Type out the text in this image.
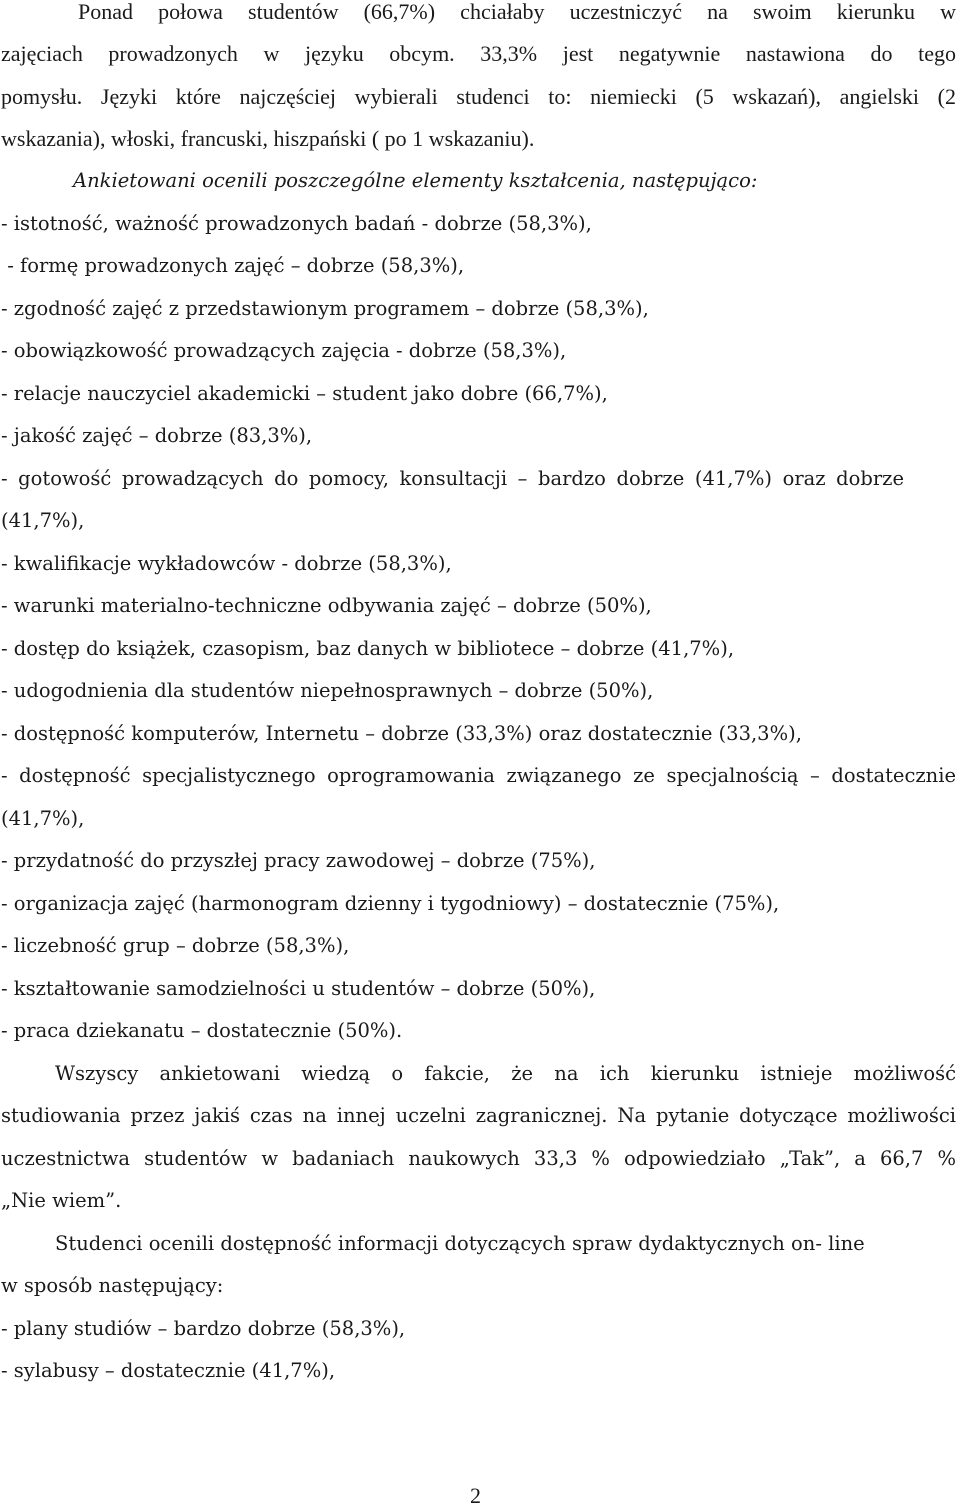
Ponad połowa studentów (66,7%) chciałaby uczestniczyć na swoim kierunku w

zajęciach prowadzonych w języku obcym. 33,3% jest negatywnie nastawiona do tego

pomysłu. Języki które najczęściej wybierali studenci to: niemiecki (5 wskazań), angielski (2

wskazania), włoski, francuski, hiszpański ( po 1 wskazaniu).

Ankietowani ocenili poszczególne elementy kształcenia, następująco:

- istotność, ważność prowadzonych badań - dobrze (58,3%),

- formę prowadzonych zajęć – dobrze (58,3%),

- zgodność zajęć z przedstawionym programem – dobrze (58,3%),

- obowiązkowość prowadzących zajęcia - dobrze (58,3%),

- relacje nauczyciel akademicki – student jako dobre (66,7%),

- jakość zajęć – dobrze (83,3%),

- gotowość prowadzących do pomocy, konsultacji – bardzo dobrze (41,7%) oraz dobrze

(41,7%),

- kwalifikacje wykładowców - dobrze (58,3%),

- warunki materialno-techniczne odbywania zajęć – dobrze (50%),

- dostęp do książek, czasopism, baz danych w bibliotece – dobrze (41,7%),

- udogodnienia dla studentów niepełnosprawnych – dobrze (50%),

- dostępność komputerów, Internetu – dobrze (33,3%) oraz dostatecznie (33,3%),

- dostępność specjalistycznego oprogramowania związanego ze specjalnością – dostatecznie

(41,7%),

- przydatność do przyszłej pracy zawodowej – dobrze (75%),

- organizacja zajęć (harmonogram dzienny i tygodniowy) – dostatecznie (75%),

- liczebność grup – dobrze (58,3%),

- kształtowanie samodzielności u studentów – dobrze (50%),

- praca dziekanatu – dostatecznie (50%).

Wszyscy ankietowani wiedzą o fakcie, że na ich kierunku istnieje możliwość

studiowania przez jakiś czas na innej uczelni zagranicznej. Na pytanie dotyczące możliwości

uczestnictwa studentów w badaniach naukowych 33,3 % odpowiedziało „Tak”, a 66,7 %

„Nie wiem”.

Studenci ocenili dostępność informacji dotyczących spraw dydaktycznych on- line

w sposób następujący:

- plany studiów – bardzo dobrze (58,3%),

- sylabusy – dostatecznie (41,7%),

2
